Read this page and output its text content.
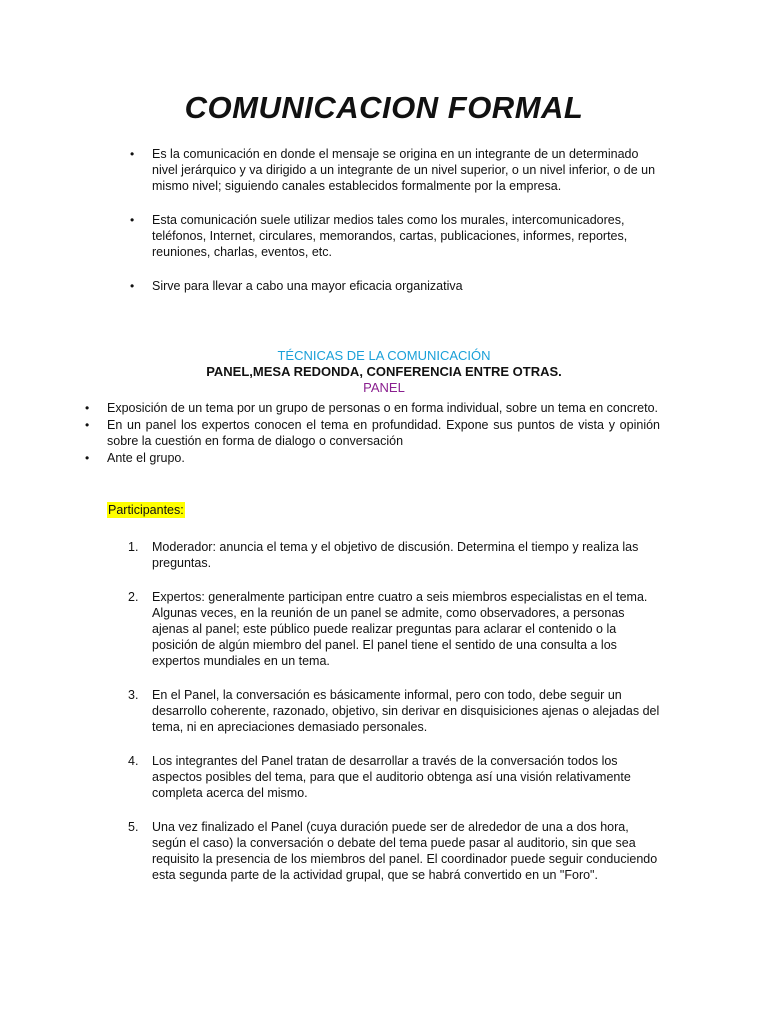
COMUNICACION FORMAL
• Es la comunicación en donde el mensaje se origina en un integrante de un determinado nivel jerárquico y va dirigido a un integrante de un nivel superior, o un nivel inferior, o de un mismo nivel; siguiendo canales establecidos formalmente por la empresa.
• Esta comunicación suele utilizar medios tales como los murales, intercomunicadores, teléfonos, Internet, circulares, memorandos, cartas, publicaciones, informes, reportes, reuniones, charlas, eventos, etc.
• Sirve para llevar a cabo una mayor eficacia organizativa

TÉCNICAS DE LA COMUNICACIÓN

PANEL,MESA REDONDA, CONFERENCIA ENTRE OTRAS.

PANEL

• Exposición de un tema por un grupo de personas o en forma individual, sobre un tema en concreto.
• En un panel los expertos conocen el tema en profundidad. Expone sus puntos de vista y opinión sobre la cuestión en forma de dialogo o conversación
• Ante el grupo.

Participantes:

1. Moderador: anuncia el tema y el objetivo de discusión. Determina el tiempo y realiza las preguntas.
2. Expertos: generalmente participan entre cuatro a seis miembros especialistas en el tema. Algunas veces, en la reunión de un panel se admite, como observadores, a personas ajenas al panel; este público puede realizar preguntas para aclarar el contenido o la posición de algún miembro del panel. El panel tiene el sentido de una consulta a los expertos mundiales en un tema.
3. En el Panel, la conversación es básicamente informal, pero con todo, debe seguir un desarrollo coherente, razonado, objetivo, sin derivar en disquisiciones ajenas o alejadas del tema, ni en apreciaciones demasiado personales.
4. Los integrantes del Panel tratan de desarrollar a través de la conversación todos los aspectos posibles del tema, para que el auditorio obtenga así una visión relativamente completa acerca del mismo.
5. Una vez finalizado el Panel (cuya duración puede ser de alrededor de una a dos hora, según el caso) la conversación o debate del tema puede pasar al auditorio, sin que sea requisito la presencia de los miembros del panel. El coordinador puede seguir conduciendo esta segunda parte de la actividad grupal, que se habrá convertido en un "Foro".
